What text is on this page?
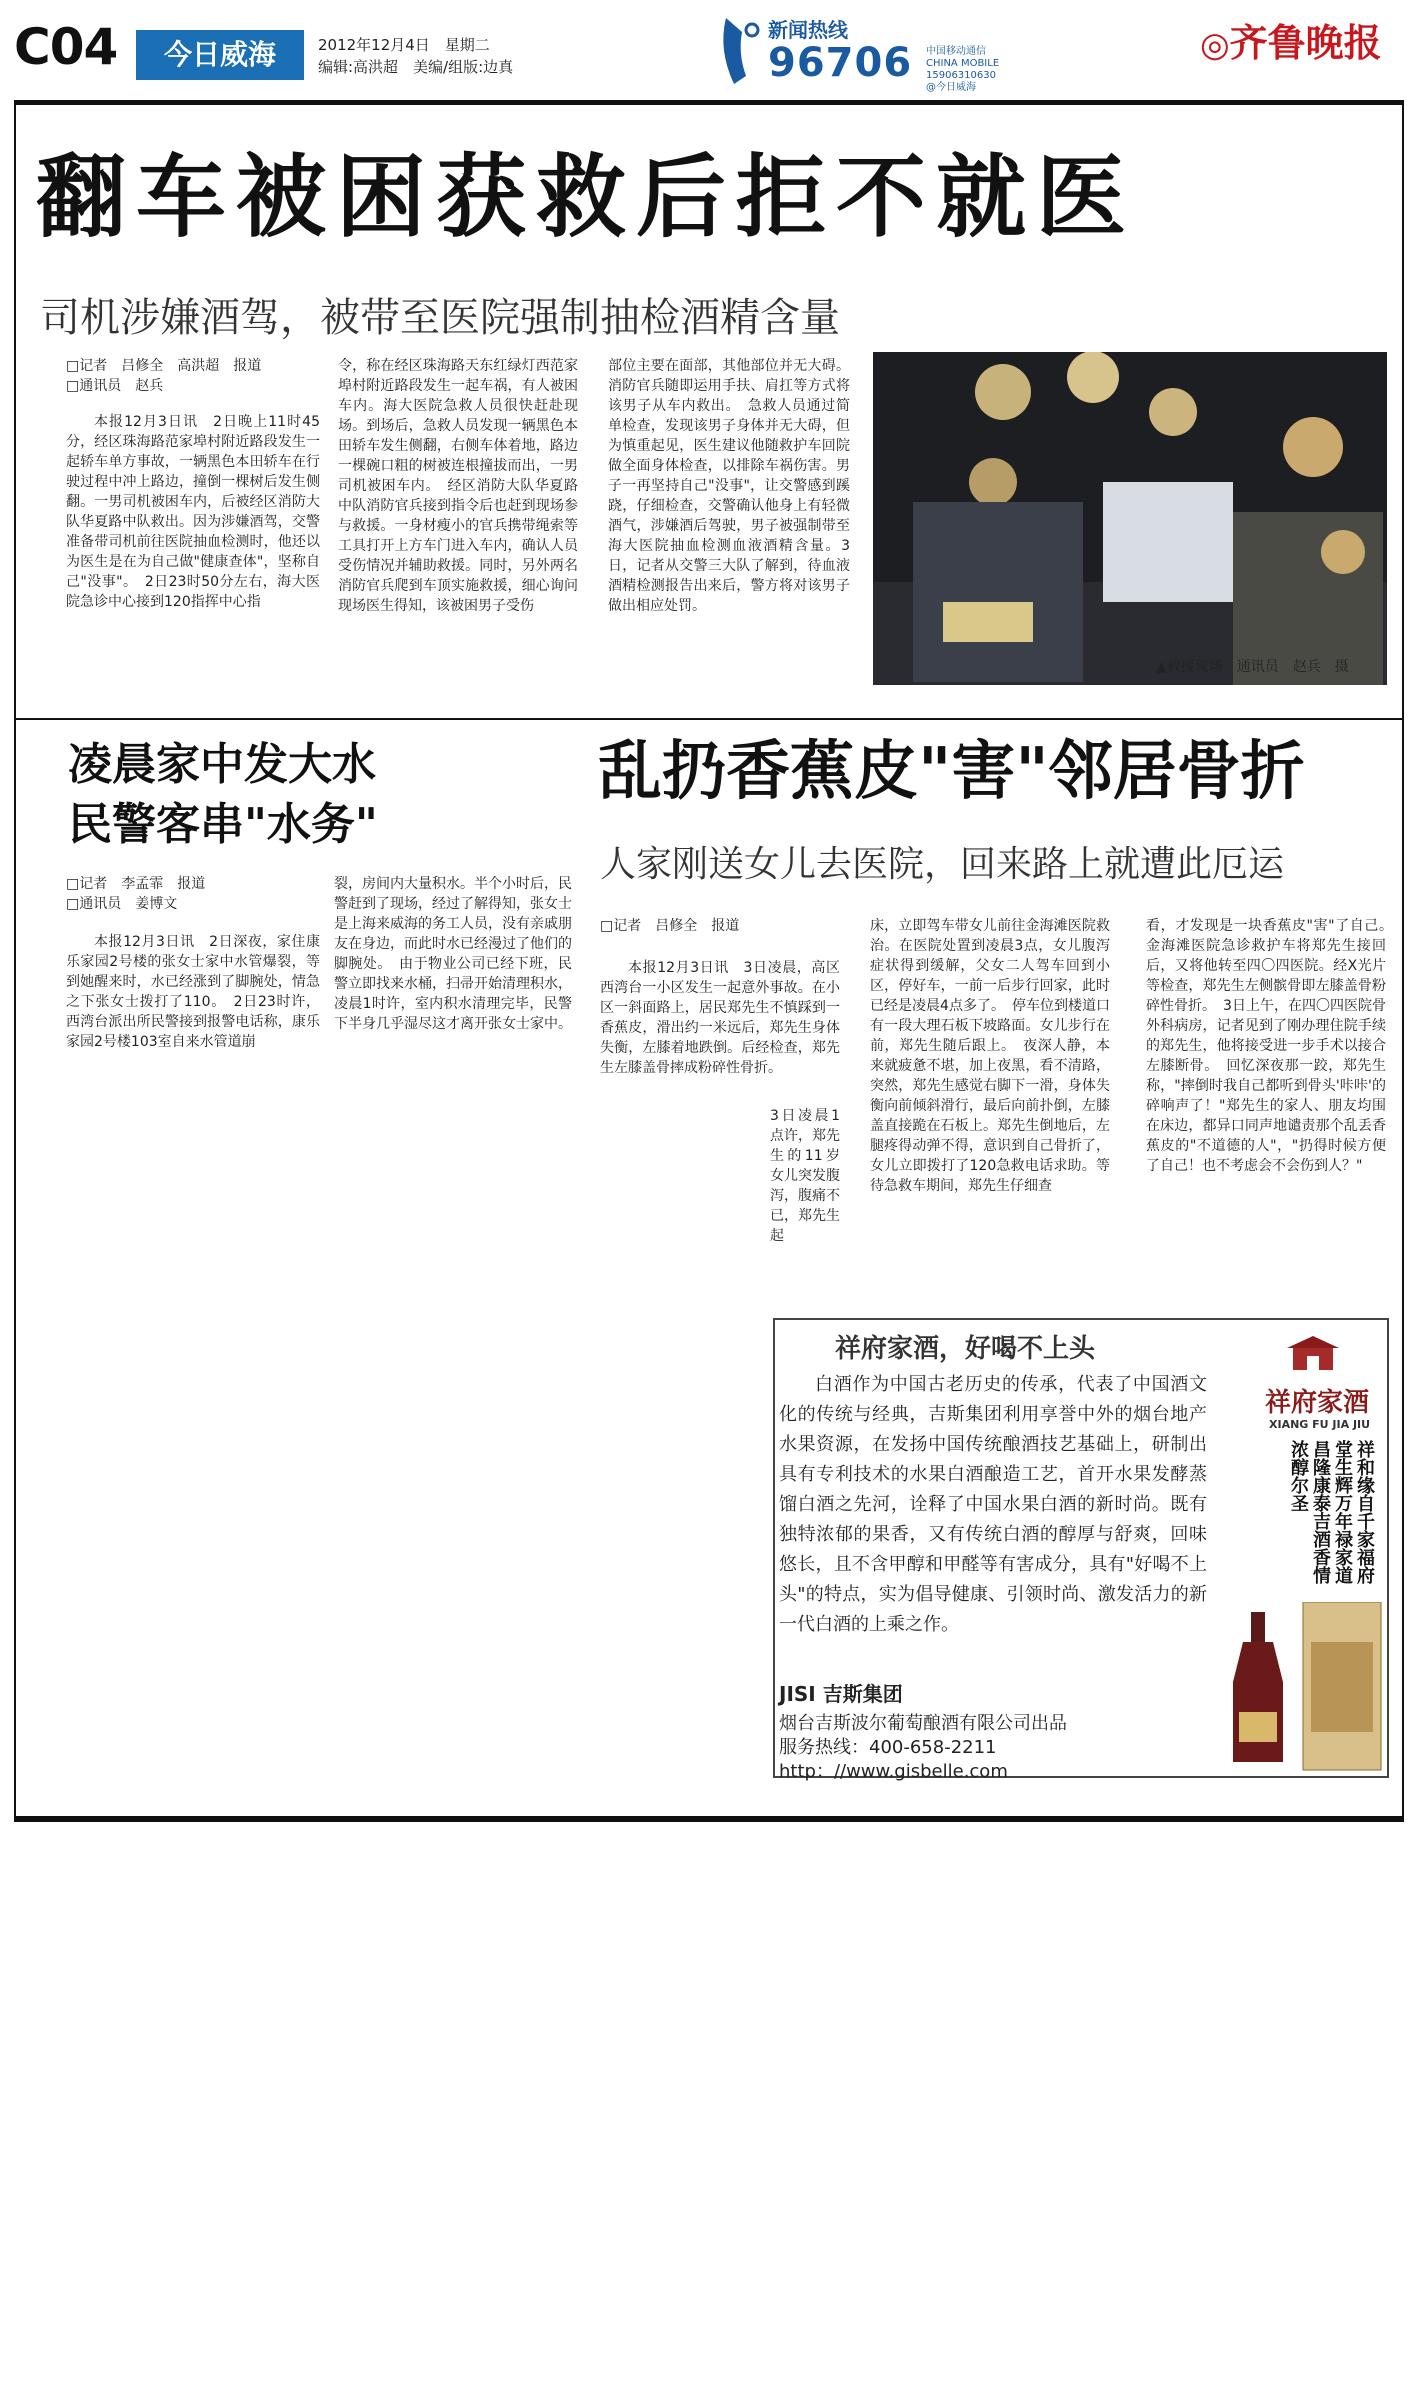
C04	今日威海	2012年12月4日　星期二
编辑:高洪超　美编/组版:边真
新闻热线
96706 中国移动通信 CHINA MOBILE
15906310630
@今日威海
◎齐鲁晚报
翻车被困获救后拒不就医
司机涉嫌酒驾，被带至医院强制抽检酒精含量
□记者　吕修全　高洪超　报道
□通讯员　赵兵
本报12月3日讯　2日晚上11时45分，经区珠海路范家埠村附近路段发生一起轿车单方事故，一辆黑色本田轿车在行驶过程中冲上路边，撞倒一棵树后发生侧翻。一男司机被困车内，后被经区消防大队华夏路中队救出。因为涉嫌酒驾，交警准备带司机前往医院抽血检测时，他还以为医生是在为自己做"健康查体"，坚称自己"没事"。　2日23时50分左右，海大医院急诊中心接到120指挥中心指
令，称在经区珠海路天东红绿灯西范家埠村附近路段发生一起车祸，有人被困车内。海大医院急救人员很快赶赴现场。到场后，急救人员发现一辆黑色本田轿车发生侧翻，右侧车体着地，路边一棵碗口粗的树被连根撞拔而出，一男司机被困车内。　经区消防大队华夏路中队消防官兵接到指令后也赶到现场参与救援。一身材瘦小的官兵携带绳索等工具打开上方车门进入车内，确认人员受伤情况并辅助救援。同时，另外两名消防官兵爬到车顶实施救援，细心询问现场医生得知，该被困男子受伤
部位主要在面部，其他部位并无大碍。消防官兵随即运用手扶、肩扛等方式将该男子从车内救出。　急救人员通过简单检查，发现该男子身体并无大碍，但为慎重起见，医生建议他随救护车回院做全面身体检查，以排除车祸伤害。男子一再坚持自己"没事"，让交警感到蹊跷，仔细检查，交警确认他身上有轻微酒气，涉嫌酒后驾驶，男子被强制带至海大医院抽血检测血液酒精含量。3日，记者从交警三大队了解到，待血液酒精检测报告出来后，警方将对该男子做出相应处罚。
▲救援现场　通讯员　赵兵　摄
凌晨家中发大水
民警客串"水务"
□记者　李孟霏　报道
□通讯员　姜博文
本报12月3日讯　2日深夜，家住康乐家园2号楼的张女士家中水管爆裂，等到她醒来时，水已经涨到了脚腕处，情急之下张女士拨打了110。　2日23时许，西湾台派出所民警接到报警电话称，康乐家园2号楼103室自来水管道崩
裂，房间内大量积水。半个小时后，民警赶到了现场，经过了解得知，张女士是上海来威海的务工人员，没有亲戚朋友在身边，而此时水已经漫过了他们的脚腕处。　由于物业公司已经下班，民警立即找来水桶，扫帚开始清理积水，凌晨1时许，室内积水清理完毕，民警下半身几乎湿尽这才离开张女士家中。
乱扔香蕉皮"害"邻居骨折
人家刚送女儿去医院，回来路上就遭此厄运
□记者　吕修全　报道
本报12月3日讯　3日凌晨，高区西湾台一小区发生一起意外事故。在小区一斜面路上，居民郑先生不慎踩到一香蕉皮，滑出约一米远后，郑先生身体失衡，左膝着地跌倒。后经检查，郑先生左膝盖骨摔成粉碎性骨折。
3日凌晨1点许，郑先生的11岁女儿突发腹泻，腹痛不已，郑先生起
床，立即驾车带女儿前往金海滩医院救治。在医院处置到凌晨3点，女儿腹泻症状得到缓解，父女二人驾车回到小区，停好车，一前一后步行回家，此时已经是凌晨4点多了。　停车位到楼道口有一段大理石板下坡路面。女儿步行在前，郑先生随后跟上。　夜深人静，本来就疲惫不堪，加上夜黑，看不清路，突然，郑先生感觉右脚下一滑，身体失衡向前倾斜滑行，最后向前扑倒，左膝盖直接跪在石板上。郑先生倒地后，左腿疼得动弹不得，意识到自己骨折了，女儿立即拨打了120急救电话求助。等待急救车期间，郑先生仔细查
看，才发现是一块香蕉皮"害"了自己。　金海滩医院急诊救护车将郑先生接回后，又将他转至四〇四医院。经X光片等检查，郑先生左侧髌骨即左膝盖骨粉碎性骨折。　3日上午，在四〇四医院骨外科病房，记者见到了刚办理住院手续的郑先生，他将接受进一步手术以接合左膝断骨。　回忆深夜那一跤，郑先生称，"摔倒时我自己都听到骨头'咔咔'的碎响声了！"郑先生的家人、朋友均围在床边，都异口同声地谴责那个乱丢香蕉皮的"不道德的人"，"扔得时候方便了自己！也不考虑会不会伤到人？"
祥府家酒，好喝不上头
白酒作为中国古老历史的传承，代表了中国酒文化的传统与经典，吉斯集团利用享誉中外的烟台地产水果资源，在发扬中国传统酿酒技艺基础上，研制出具有专利技术的水果白酒酿造工艺，首开水果发酵蒸馏白酒之先河，诠释了中国水果白酒的新时尚。既有独特浓郁的果香，又有传统白酒的醇厚与舒爽，回味悠长，且不含甲醇和甲醛等有害成分，具有"好喝不上头"的特点，实为倡导健康、引领时尚、激发活力的新一代白酒的上乘之作。
JISI 吉斯集团
烟台吉斯波尔葡萄酿酒有限公司出品
服务热线：400-658-2211
http：//www.gisbelle.com
祥府家酒
XIANG FU JIA JIU
祥和缘自千家福府堂生辉万年禄家道昌隆康泰吉酒香情浓醇尔圣
